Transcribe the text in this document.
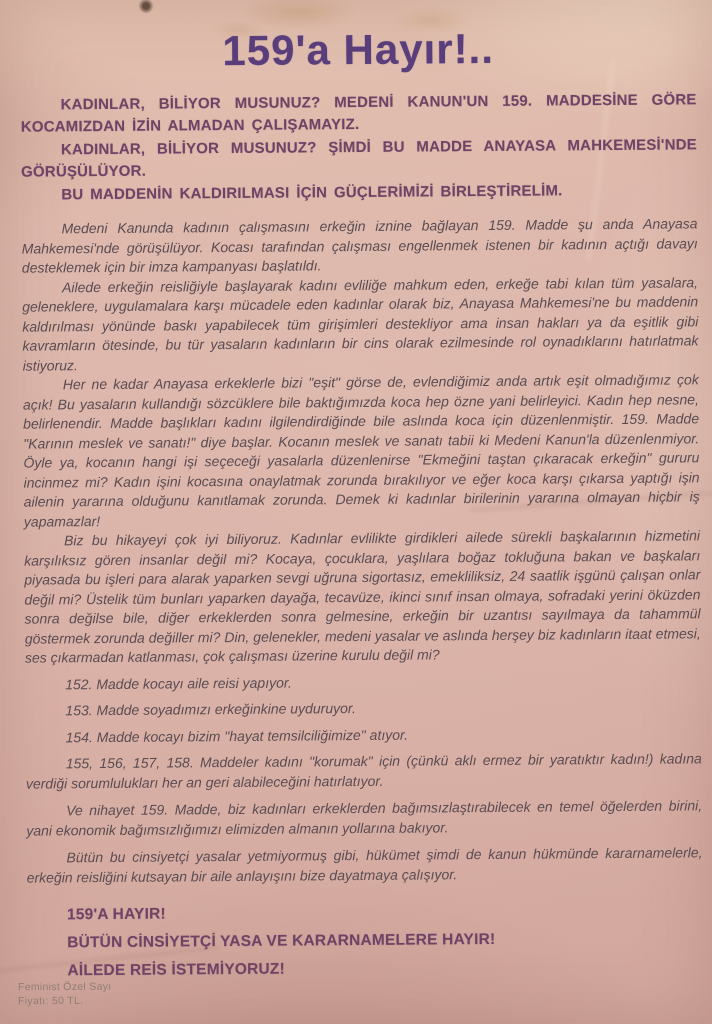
159'a Hayır!..

KADINLAR, BİLİYOR MUSUNUZ? MEDENİ KANUN'UN 159. MADDESİNE GÖRE KOCAMIZDAN İZİN ALMADAN ÇALIŞAMAYIZ.

KADINLAR, BİLİYOR MUSUNUZ? ŞİMDİ BU MADDE ANAYASA MAHKEMESİ'NDE GÖRÜŞÜLÜYOR.

BU MADDENİN KALDIRILMASI İÇİN GÜÇLERİMİZİ BİRLEŞTİRELİM.

Medeni Kanunda kadının çalışmasını erkeğin iznine bağlayan 159. Madde şu anda Anayasa Mahkemesi'nde görüşülüyor. Kocası tarafından çalışması engellenmek istenen bir kadının açtığı davayı desteklemek için bir imza kampanyası başlatıldı.

Ailede erkeğin reisliğiyle başlayarak kadını evliliğe mahkum eden, erkeğe tabi kılan tüm yasalara, geleneklere, uygulamalara karşı mücadele eden kadınlar olarak biz, Anayasa Mahkemesi'ne bu maddenin kaldırılması yönünde baskı yapabilecek tüm girişimleri destekliyor ama insan hakları ya da eşitlik gibi kavramların ötesinde, bu tür yasaların kadınların bir cins olarak ezilmesinde rol oynadıklarını hatırlatmak istiyoruz.

Her ne kadar Anayasa erkeklerle bizi "eşit" görse de, evlendiğimiz anda artık eşit olmadığımız çok açık! Bu yasaların kullandığı sözcüklere bile baktığımızda koca hep özne yani belirleyici. Kadın hep nesne, belirlenendir. Madde başlıkları kadını ilgilendirdiğinde bile aslında koca için düzenlenmiştir. 159. Madde "Karının meslek ve sanatı!" diye başlar. Kocanın meslek ve sanatı tabii ki Medeni Kanun'la düzenlenmiyor. Öyle ya, kocanın hangi işi seçeceği yasalarla düzenlenirse "Ekmeğini taştan çıkaracak erkeğin" gururu incinmez mi? Kadın işini kocasına onaylatmak zorunda bırakılıyor ve eğer koca karşı çıkarsa yaptığı işin ailenin yararına olduğunu kanıtlamak zorunda. Demek ki kadınlar birilerinin yararına olmayan hiçbir iş yapamazlar!

Biz bu hikayeyi çok iyi biliyoruz. Kadınlar evlilikte girdikleri ailede sürekli başkalarının hizmetini karşılıksız gören insanlar değil mi? Kocaya, çocuklara, yaşlılara boğaz tokluğuna bakan ve başkaları piyasada bu işleri para alarak yaparken sevgi uğruna sigortasız, emekliliksiz, 24 saatlik işgünü çalışan onlar değil mi? Üstelik tüm bunları yaparken dayağa, tecavüze, ikinci sınıf insan olmaya, sofradaki yerini öküzden sonra değilse bile, diğer erkeklerden sonra gelmesine, erkeğin bir uzantısı sayılmaya da tahammül göstermek zorunda değiller mi? Din, gelenekler, medeni yasalar ve aslında herşey biz kadınların itaat etmesi, ses çıkarmadan katlanması, çok çalışması üzerine kurulu değil mi?

152. Madde kocayı aile reisi yapıyor.

153. Madde soyadımızı erkeğinkine uyduruyor.

154. Madde kocayı bizim "hayat temsilciliğimize" atıyor.

155, 156, 157, 158. Maddeler kadını "korumak" için (çünkü aklı ermez bir yaratıktır kadın!) kadına verdiği sorumlulukları her an geri alabileceğini hatırlatıyor.

Ve nihayet 159. Madde, biz kadınları erkeklerden bağımsızlaştırabilecek en temel öğelerden birini, yani ekonomik bağımsızlığımızı elimizden almanın yollarına bakıyor.

Bütün bu cinsiyetçi yasalar yetmiyormuş gibi, hükümet şimdi de kanun hükmünde kararnamelerle, erkeğin reisliğini kutsayan bir aile anlayışını bize dayatmaya çalışıyor.

159'A HAYIR!

BÜTÜN CİNSİYETÇİ YASA VE KARARNAMELERE HAYIR!

AİLEDE REİS İSTEMİYORUZ!

Feminist Özel Sayı

Fiyatı: 50 TL.
